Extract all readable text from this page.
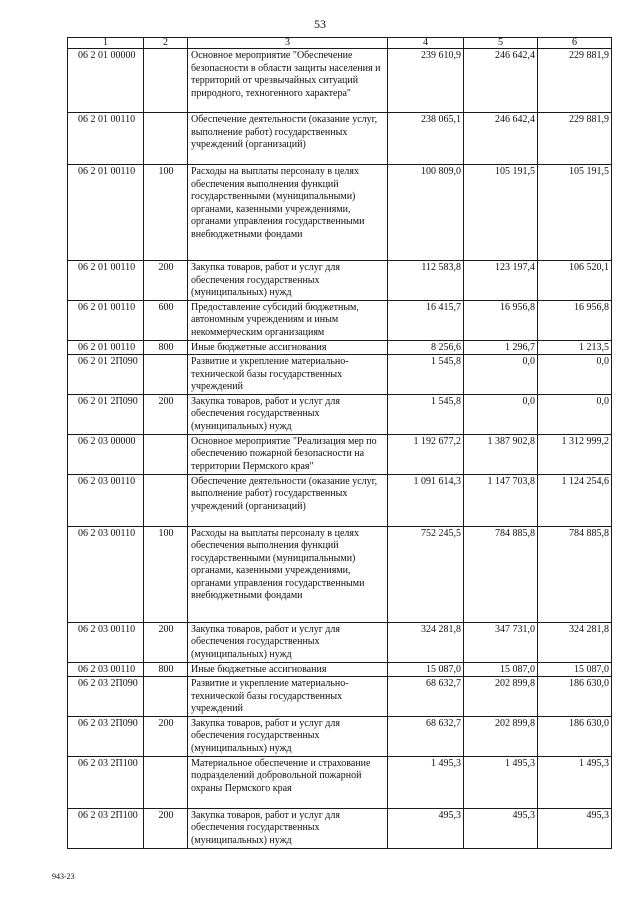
53
1	2	3	4	5	6
06 2 01 00000		Основное мероприятие "Обеспечение безопасности в области защиты населения и территорий от чрезвычайных ситуаций природного, техногенного характера"	239 610,9	246 642,4	229 881,9
06 2 01 00110		Обеспечение деятельности (оказание услуг, выполнение работ) государственных учреждений (организаций)	238 065,1	246 642,4	229 881,9
06 2 01 00110	100	Расходы на выплаты персоналу в целях обеспечения выполнения функций государственными (муниципальными) органами, казенными учреждениями, органами управления государственными внебюджетными фондами	100 809,0	105 191,5	105 191,5
06 2 01 00110	200	Закупка товаров, работ и услуг для обеспечения государственных (муниципальных) нужд	112 583,8	123 197,4	106 520,1
06 2 01 00110	600	Предоставление субсидий бюджетным, автономным учреждениям и иным некоммерческим организациям	16 415,7	16 956,8	16 956,8
06 2 01 00110	800	Иные бюджетные ассигнования	8 256,6	1 296,7	1 213,5
06 2 01 2П090		Развитие и укрепление материально-технической базы государственных учреждений	1 545,8	0,0	0,0
06 2 01 2П090	200	Закупка товаров, работ и услуг для обеспечения государственных (муниципальных) нужд	1 545,8	0,0	0,0
06 2 03 00000		Основное мероприятие "Реализация мер по обеспечению пожарной безопасности на территории Пермского края"	1 192 677,2	1 387 902,8	1 312 999,2
06 2 03 00110		Обеспечение деятельности (оказание услуг, выполнение работ) государственных учреждений (организаций)	1 091 614,3	1 147 703,8	1 124 254,6
06 2 03 00110	100	Расходы на выплаты персоналу в целях обеспечения выполнения функций государственными (муниципальными) органами, казенными учреждениями, органами управления государственными внебюджетными фондами	752 245,5	784 885,8	784 885,8
06 2 03 00110	200	Закупка товаров, работ и услуг для обеспечения государственных (муниципальных) нужд	324 281,8	347 731,0	324 281,8
06 2 03 00110	800	Иные бюджетные ассигнования	15 087,0	15 087,0	15 087,0
06 2 03 2П090		Развитие и укрепление материально-технической базы государственных учреждений	68 632,7	202 899,8	186 630,0
06 2 03 2П090	200	Закупка товаров, работ и услуг для обеспечения государственных (муниципальных) нужд	68 632,7	202 899,8	186 630,0
06 2 03 2П100		Материальное обеспечение и страхование подразделений добровольной пожарной охраны Пермского края	1 495,3	1 495,3	1 495,3
06 2 03 2П100	200	Закупка товаров, работ и услуг для обеспечения государственных (муниципальных) нужд	495,3	495,3	495,3
943-23
